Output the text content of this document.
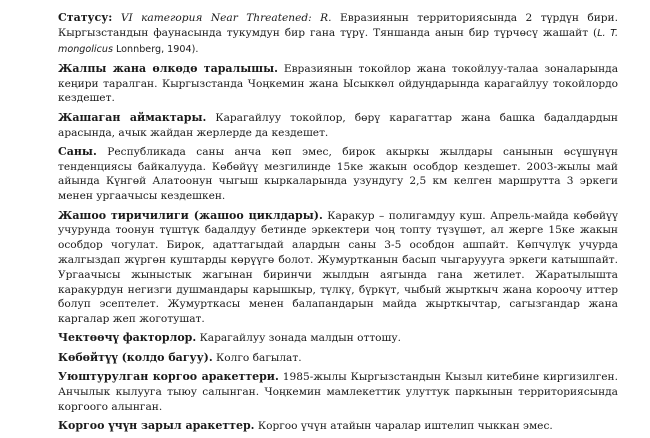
Статусу: VI категория Near Threatened: R. Евразиянын территориясында 2 түрдүн бири. Кыргызстандын фаунасында тукумдун бир гана түрү. Тяншанда анын бир түрчөсү жашайт (L. T. mongolicus Lonnberg, 1904).

Жалпы жана өлкөдө таралышы. Евразиянын токойлор жана токойлуу-талаа зоналарында кеңири таралган. Кыргызстанда Чоңкемин жана Ысыккөл ойдуңдарында карагайлуу токойлордо кездешет.

Жашаган аймактары. Карагайлуу токойлор, бөрү карагаттар жана башка бадалдардын арасында, ачык жайдан жерлерде да кездешет.

Саны. Республикада саны анча көп эмес, бирок акыркы жылдары санынын өсүшүнүн тенденциясы байкалууда. Көбөйүү мезгилинде 15ке жакын особдор кездешет. 2003-жылы май айында Күнгөй Алатоонун чыгыш кыркаларында узундугу 2,5 км келген маршрутта 3 эркеги менен ургаачысы кездешкен.

Жашоо тиричилиги (жашоо циклдары). Каракур – полигамдуу куш. Апрель-майда көбөйүү учурунда тоонун түштүк бадалдуу бетинде эркектери чоң топту түзүшөт, ал жерге 15ке жакын особдор чогулат. Бирок, адаттагыдай алардын саны 3-5 особдон ашпайт. Көпчүлүк учурда жалгыздап жүргөн куштарды көрүүгө болот. Жумуртканын басып чыгаруууга эркеги катышпайт. Ургаачысы жыныстык жагынан биринчи жылдын аягында гана жетилет. Жаратылышта каракурдун негизги душмандары карышкыр, түлкү, бүркүт, чыбый жырткыч жана короочу иттер болуп эсептелет. Жумурткасы менен балапандарын майда жырткычтар, сагызгандар жана каргалар жеп жоготушат.

Чектөөчү факторлор. Карагайлуу зонада малдын оттошу.

Көбөйтүү (колдо багуу). Колго багылат.

Уюштурулган коргоо аракеттери. 1985-жылы Кыргызстандын Кызыл китебине киргизилген. Анчылык кылууга тыюу салынган. Чоңкемин мамлекеттик улуттук паркынын территориясында коргоого алынган.

Коргоо үчүн зарыл аракеттер. Коргоо үчүн атайын чаралар иштелип чыккан эмес.
